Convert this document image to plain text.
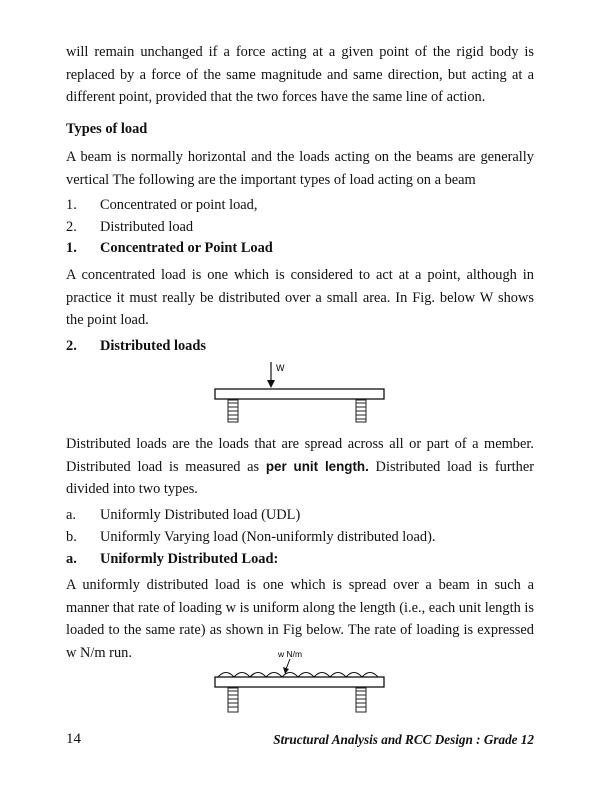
will remain unchanged if a force acting at a given point of the rigid body is replaced by a force of the same magnitude and same direction, but acting at a different point, provided that the two forces have the same line of action.

Types of load

A beam is normally horizontal and the loads acting on the beams are generally vertical The following are the important types of load acting on a beam

1. Concentrated or point load,
2. Distributed load
1. Concentrated or Point Load

A concentrated load is one which is considered to act at a point, although in practice it must really be distributed over a small area. In Fig. below W shows the point load.

2. Distributed loads
W

Distributed loads are the loads that are spread across all or part of a member. Distributed load is measured as per unit length. Distributed load is further divided into two types.

a. Uniformly Distributed load (UDL)
b. Uniformly Varying load (Non-uniformly distributed load).
a. Uniformly Distributed Load:

A uniformly distributed load is one which is spread over a beam in such a manner that rate of loading w is uniform along the length (i.e., each unit length is loaded to the same rate) as shown in Fig below. The rate of loading is expressed w N/m run.	w N/m
14	Structural Analysis and RCC Design : Grade 12
